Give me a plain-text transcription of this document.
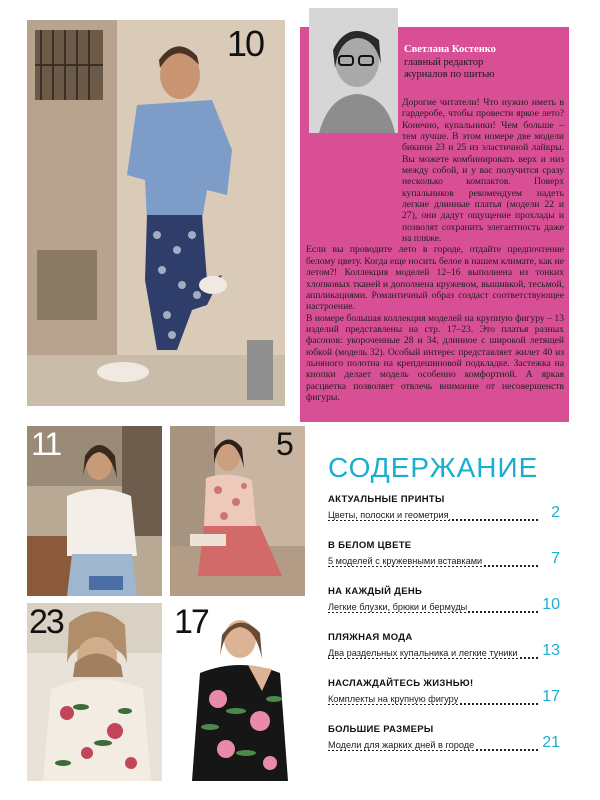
10	Светлана Костенко
главный редактор
журналов по шитью

Дорогие читатели! Что нужно иметь в гардеробе, чтобы провести яркое лето? Конечно, купальники! Чем больше – тем лучше. В этом номере две модели бикини 23 и 25 из эластичной лайкры. Вы можете комбинировать верх и низ между собой, и у вас получится сразу несколько компактов. Поверх купальников рекомендуем надеть легкие длинные платья (модели 22 и 27), они дадут ощущение прохлады и позволят сохранить элегантность даже на пляже.

Если вы проводите лето в городе, отдайте предпочтение белому цвету. Когда еще носить белое в нашем климате, как не летом?! Коллекция моделей 12–16 выполнена из тонких хлопковых тканей и дополнена кружевом, вышивкой, тесьмой, аппликациями. Романтичный образ создаст соответствующее настроение.

В номере большая коллекция моделей на крупную фигуру – 13 изделий представлены на стр. 17–23. Это платья разных фасонов: укороченные 28 и 34, длинное с широкой летящей юбкой (модель 32). Особый интерес представляет жилет 40 из льняного полотна на крепдешиновой подкладке. Застежка на кнопки делает модель особенно комфортной. А яркая расцветка позволяет отвлечь внимание от несовершенств фигуры.

11	5
23	17
СОДЕРЖАНИЕ
АКТУАЛЬНЫЕ ПРИНТЫ
Цветы, полоски и геометрия	2
В БЕЛОМ ЦВЕТЕ
5 моделей с кружевными вставками	7
НА КАЖДЫЙ ДЕНЬ
Легкие блузки, брюки и бермуды	10
ПЛЯЖНАЯ МОДА
Два раздельных купальника и легкие туники 13
НАСЛАЖДАЙТЕСЬ ЖИЗНЬЮ!
Комплекты на крупную фигуру	17
БОЛЬШИЕ РАЗМЕРЫ
Модели для жарких дней в городе	21
